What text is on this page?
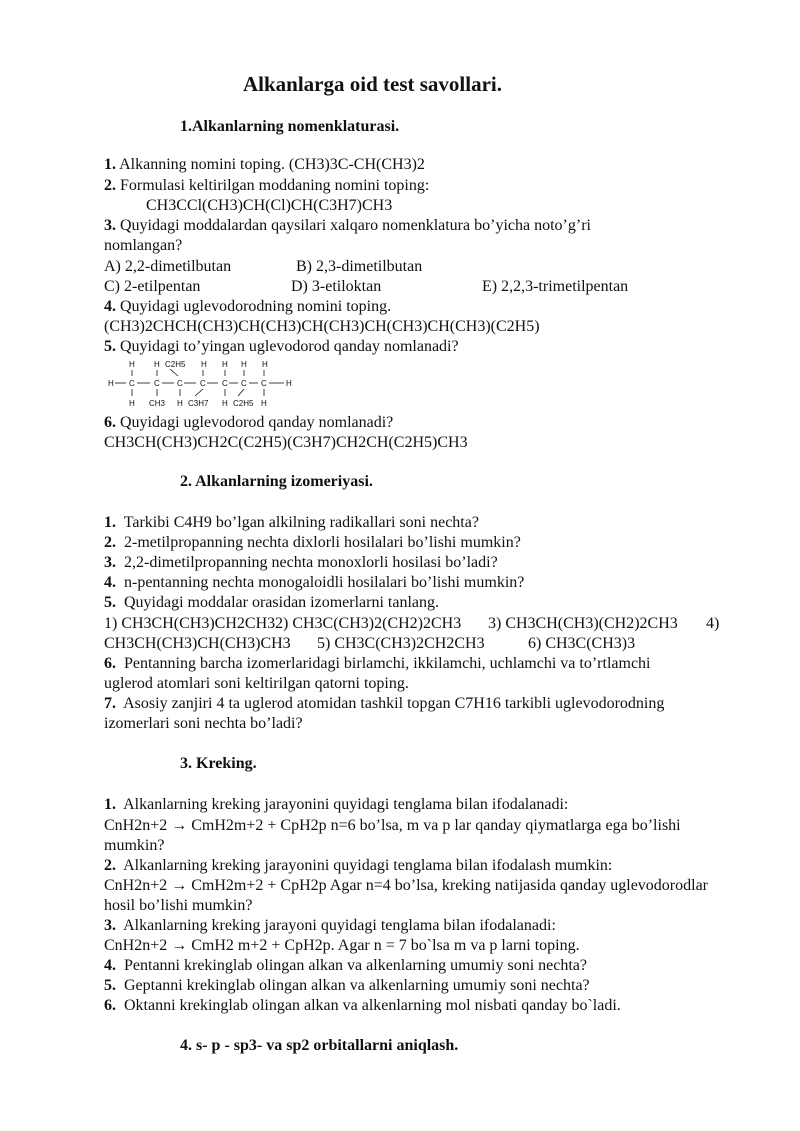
Alkanlarga oid test savollari.
1.Alkanlarning nomenklaturasi.
1. Alkanning nomini toping. (CH3)3C-CH(CH3)2
2. Formulasi keltirilgan moddaning nomini toping:
CH3CCl(CH3)CH(Cl)CH(C3H7)CH3
3. Quyidagi moddalardan qaysilari xalqaro nomenklatura bo’yicha noto’g’ri
nomlangan?
A) 2,2-dimetilbutan	B) 2,3-dimetilbutan
C) 2-etilpentan	D) 3-etiloktan	E) 2,2,3-trimetilpentan
4. Quyidagi uglevodorodning nomini toping.
(CH3)2CHCH(CH3)CH(CH3)CH(CH3)CH(CH3)CH(CH3)(C2H5)
5. Quyidagi to’yingan uglevodorod qanday nomlanadi?
H H C2H5 H H H H
H C C C C C C C H
H CH3 H C3H7 H C2H5 H
6. Quyidagi uglevodorod qanday nomlanadi?
CH3CH(CH3)CH2C(C2H5)(C3H7)CH2CH(C2H5)CH3
2. Alkanlarning izomeriyasi.
1. Tarkibi C4H9 bo’lgan alkilning radikallari soni nechta?
2. 2-metilpropanning nechta dixlorli hosilalari bo’lishi mumkin?
3. 2,2-dimetilpropanning nechta monoxlorli hosilasi bo’ladi?
4. n-pentanning nechta monogaloidli hosilalari bo’lishi mumkin?
5. Quyidagi moddalar orasidan izomerlarni tanlang.
1) CH3CH(CH3)CH2CH3 2) CH3C(CH3)2(CH2)2CH3 3) CH3CH(CH3)(CH2)2CH3 4)
CH3CH(CH3)CH(CH3)CH3 5) CH3C(CH3)2CH2CH3	6) CH3C(CH3)3
6. Pentanning barcha izomerlaridagi birlamchi, ikkilamchi, uchlamchi va to’rtlamchi
uglerod atomlari soni keltirilgan qatorni toping.
7. Asosiy zanjiri 4 ta uglerod atomidan tashkil topgan C7H16 tarkibli uglevodorodning
izomerlari soni nechta bo’ladi?
3. Kreking.
1. Alkanlarning kreking jarayonini quyidagi tenglama bilan ifodalanadi:
CnH2n+2 → CmH2m+2 + CpH2p n=6 bo’lsa, m va p lar qanday qiymatlarga ega bo’lishi
mumkin?
2. Alkanlarning kreking jarayonini quyidagi tenglama bilan ifodalash mumkin:
CnH2n+2 → CmH2m+2 + CpH2p Agar n=4 bo’lsa, kreking natijasida qanday uglevodorodlar
hosil bo’lishi mumkin?
3. Alkanlarning kreking jarayoni quyidagi tenglama bilan ifodalanadi:
CnH2n+2 → CmH2 m+2 + CpH2p. Agar n = 7 bo`lsa m va p larni toping.
4. Pentanni krekinglab olingan alkan va alkenlarning umumiy soni nechta?
5. Geptanni krekinglab olingan alkan va alkenlarning umumiy soni nechta?
6. Oktanni krekinglab olingan alkan va alkenlarning mol nisbati qanday bo`ladi.
4. s- p - sp3- va sp2 orbitallarni aniqlash.
